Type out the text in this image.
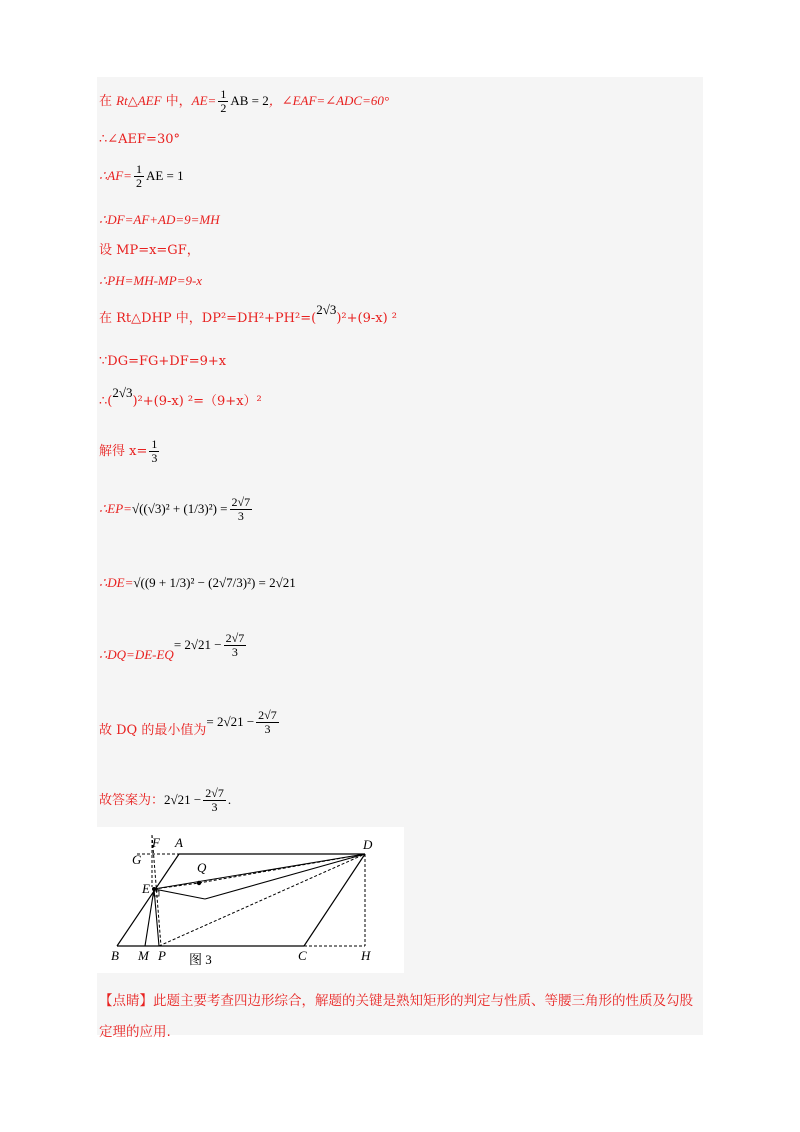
在 Rt△AEF 中，$AE= \frac{1}{2}$ AB = 2，∠EAF=∠ADC=60°
∴∠AEF=30°
∴AF= $\frac{1}{2}$ AE = 1
∴DF=AF+AD=9=MH
设 MP=x=GF，
∴PH=MH-MP=9-x
在 Rt△DHP 中，DP²=DH²+PH²=(2√3)²+(9-x) ²
∵DG=FG+DF=9+x
∴(2√3)²+(9-x) ²=（9+x）²
解得 $x= \frac{1}{3}$
∴EP=√((√3)² + $(1/3)^2) = \frac{2√7}{3}$
∴DE=√((9 + 1/3)² − (2√7/3)²) = 2√21
∴DQ=DE-EQ= $2√21 - \frac{2√7}{3}$
故 DQ 的最小值为= $2√21 - \frac{2√7}{3}$
故答案为：$2√21 - \frac{2√7}{3}$ .
F A	D
G
Q
E
B M P	C	H
图 3
【点睛】此题主要考查四边形综合，解题的关键是熟知矩形的判定与性质、等腰三角形的性质及勾股定理的应用.
